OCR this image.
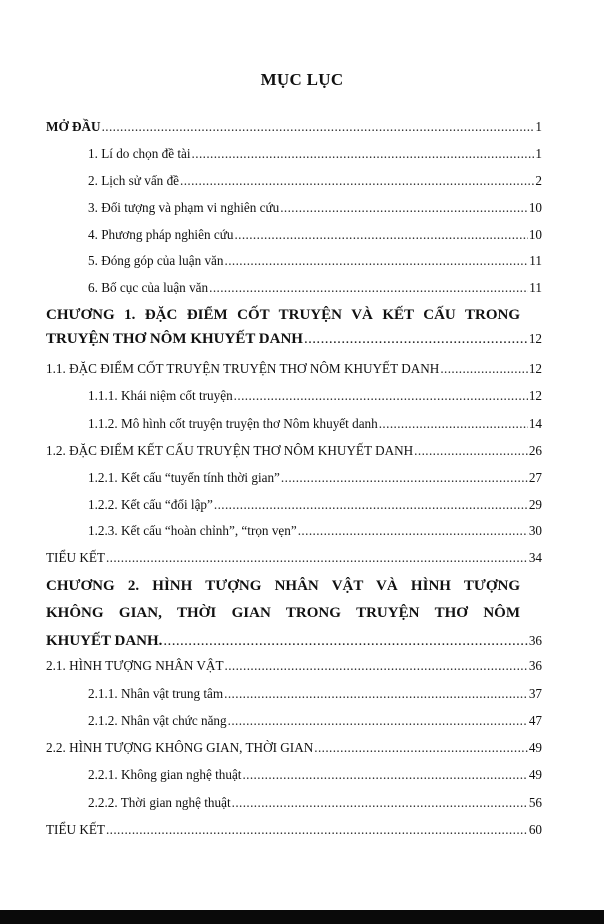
MỤC LỤC
MỞ ĐẦU .....	1
1. Lí do chọn đề tài .....	1
2. Lịch sử vấn đề .....	2
3. Đối tượng và phạm vi nghiên cứu .....	10
4. Phương pháp nghiên cứu .....	10
5. Đóng góp của luận văn .....	11
6. Bố cục của luận văn .....	11
CHƯƠNG 1. ĐẶC ĐIỂM CỐT TRUYỆN VÀ KẾT CẤU TRONG
TRUYỆN THƠ NÔM KHUYẾT DANH .....	12
1.1. ĐẶC ĐIỂM CỐT TRUYỆN TRUYỆN THƠ NÔM KHUYẾT DANH .....	12
1.1.1. Khái niệm cốt truyện .....	12
1.1.2. Mô hình cốt truyện truyện thơ Nôm khuyết danh .....	14
1.2. ĐẶC ĐIỂM KẾT CẤU TRUYỆN THƠ NÔM KHUYẾT DANH .....	26
1.2.1. Kết cấu “tuyến tính thời gian” .....	27
1.2.2. Kết cấu “đối lập” .....	29
1.2.3. Kết cấu “hoàn chỉnh”, “trọn vẹn” .....	30
TIỂU KẾT .....	34
CHƯƠNG 2. HÌNH TƯỢNG NHÂN VẬT VÀ HÌNH TƯỢNG
KHÔNG GIAN, THỜI GIAN TRONG TRUYỆN THƠ NÔM
KHUYẾT DANH. .....	36
2.1. HÌNH TƯỢNG NHÂN VẬT .....	36
2.1.1. Nhân vật trung tâm .....	37
2.1.2. Nhân vật chức năng .....	47
2.2. HÌNH TƯỢNG KHÔNG GIAN, THỜI GIAN .....	49
2.2.1. Không gian nghệ thuật .....	49
2.2.2. Thời gian nghệ thuật .....	56
TIỂU KẾT .....	60
